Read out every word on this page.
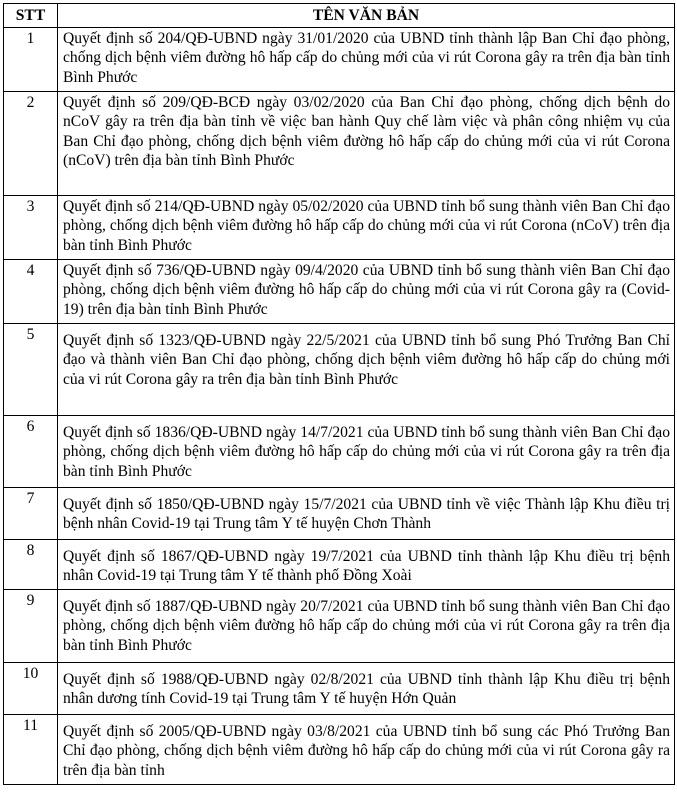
STT	TÊN VĂN BẢN

1	Quyết định số 204/QĐ-UBND ngày 31/01/2020 của UBND tỉnh thành lập Ban Chỉ đạo phòng, chống dịch bệnh viêm đường hô hấp cấp do chủng mới của vi rút Corona gây ra trên địa bàn tỉnh Bình Phước

2	Quyết định số 209/QĐ-BCĐ ngày 03/02/2020 của Ban Chỉ đạo phòng, chống dịch bệnh do nCoV gây ra trên địa bàn tỉnh về việc ban hành Quy chế làm việc và phân công nhiệm vụ của Ban Chỉ đạo phòng, chống dịch bệnh viêm đường hô hấp cấp do chủng mới của vi rút Corona (nCoV) trên địa bàn tỉnh Bình Phước

3	Quyết định số 214/QĐ-UBND ngày 05/02/2020 của UBND tỉnh bổ sung thành viên Ban Chỉ đạo phòng, chống dịch bệnh viêm đường hô hấp cấp do chủng mới của vi rút Corona (nCoV) trên địa bàn tỉnh Bình Phước

4	Quyết định số 736/QĐ-UBND ngày 09/4/2020 của UBND tỉnh bổ sung thành viên Ban Chỉ đạo phòng, chống dịch bệnh viêm đường hô hấp cấp do chủng mới của vi rút Corona gây ra (Covid-19) trên địa bàn tỉnh Bình Phước

5	Quyết định số 1323/QĐ-UBND ngày 22/5/2021 của UBND tỉnh bổ sung Phó Trưởng Ban Chỉ đạo và thành viên Ban Chỉ đạo phòng, chống dịch bệnh viêm đường hô hấp cấp do chủng mới của vi rút Corona gây ra trên địa bàn tỉnh Bình Phước

6	Quyết định số 1836/QĐ-UBND ngày 14/7/2021 của UBND tỉnh bổ sung thành viên Ban Chỉ đạo phòng, chống dịch bệnh viêm đường hô hấp cấp do chủng mới của vi rút Corona gây ra trên địa bàn tỉnh Bình Phước

7	Quyết định số 1850/QĐ-UBND ngày 15/7/2021 của UBND tỉnh về việc Thành lập Khu điều trị bệnh nhân Covid-19 tại Trung tâm Y tế huyện Chơn Thành

8	Quyết định số 1867/QĐ-UBND ngày 19/7/2021 của UBND tỉnh thành lập Khu điều trị bệnh nhân Covid-19 tại Trung tâm Y tế thành phố Đồng Xoài

9	Quyết định số 1887/QĐ-UBND ngày 20/7/2021 của UBND tỉnh bổ sung thành viên Ban Chỉ đạo phòng, chống dịch bệnh viêm đường hô hấp cấp do chủng mới của vi rút Corona gây ra trên địa bàn tỉnh Bình Phước

10	Quyết định số 1988/QĐ-UBND ngày 02/8/2021 của UBND tỉnh thành lập Khu điều trị bệnh nhân dương tính Covid-19 tại Trung tâm Y tế huyện Hớn Quản

11	Quyết định số 2005/QĐ-UBND ngày 03/8/2021 của UBND tỉnh bổ sung các Phó Trưởng Ban Chỉ đạo phòng, chống dịch bệnh viêm đường hô hấp cấp do chủng mới của vi rút Corona gây ra trên địa bàn tỉnh
